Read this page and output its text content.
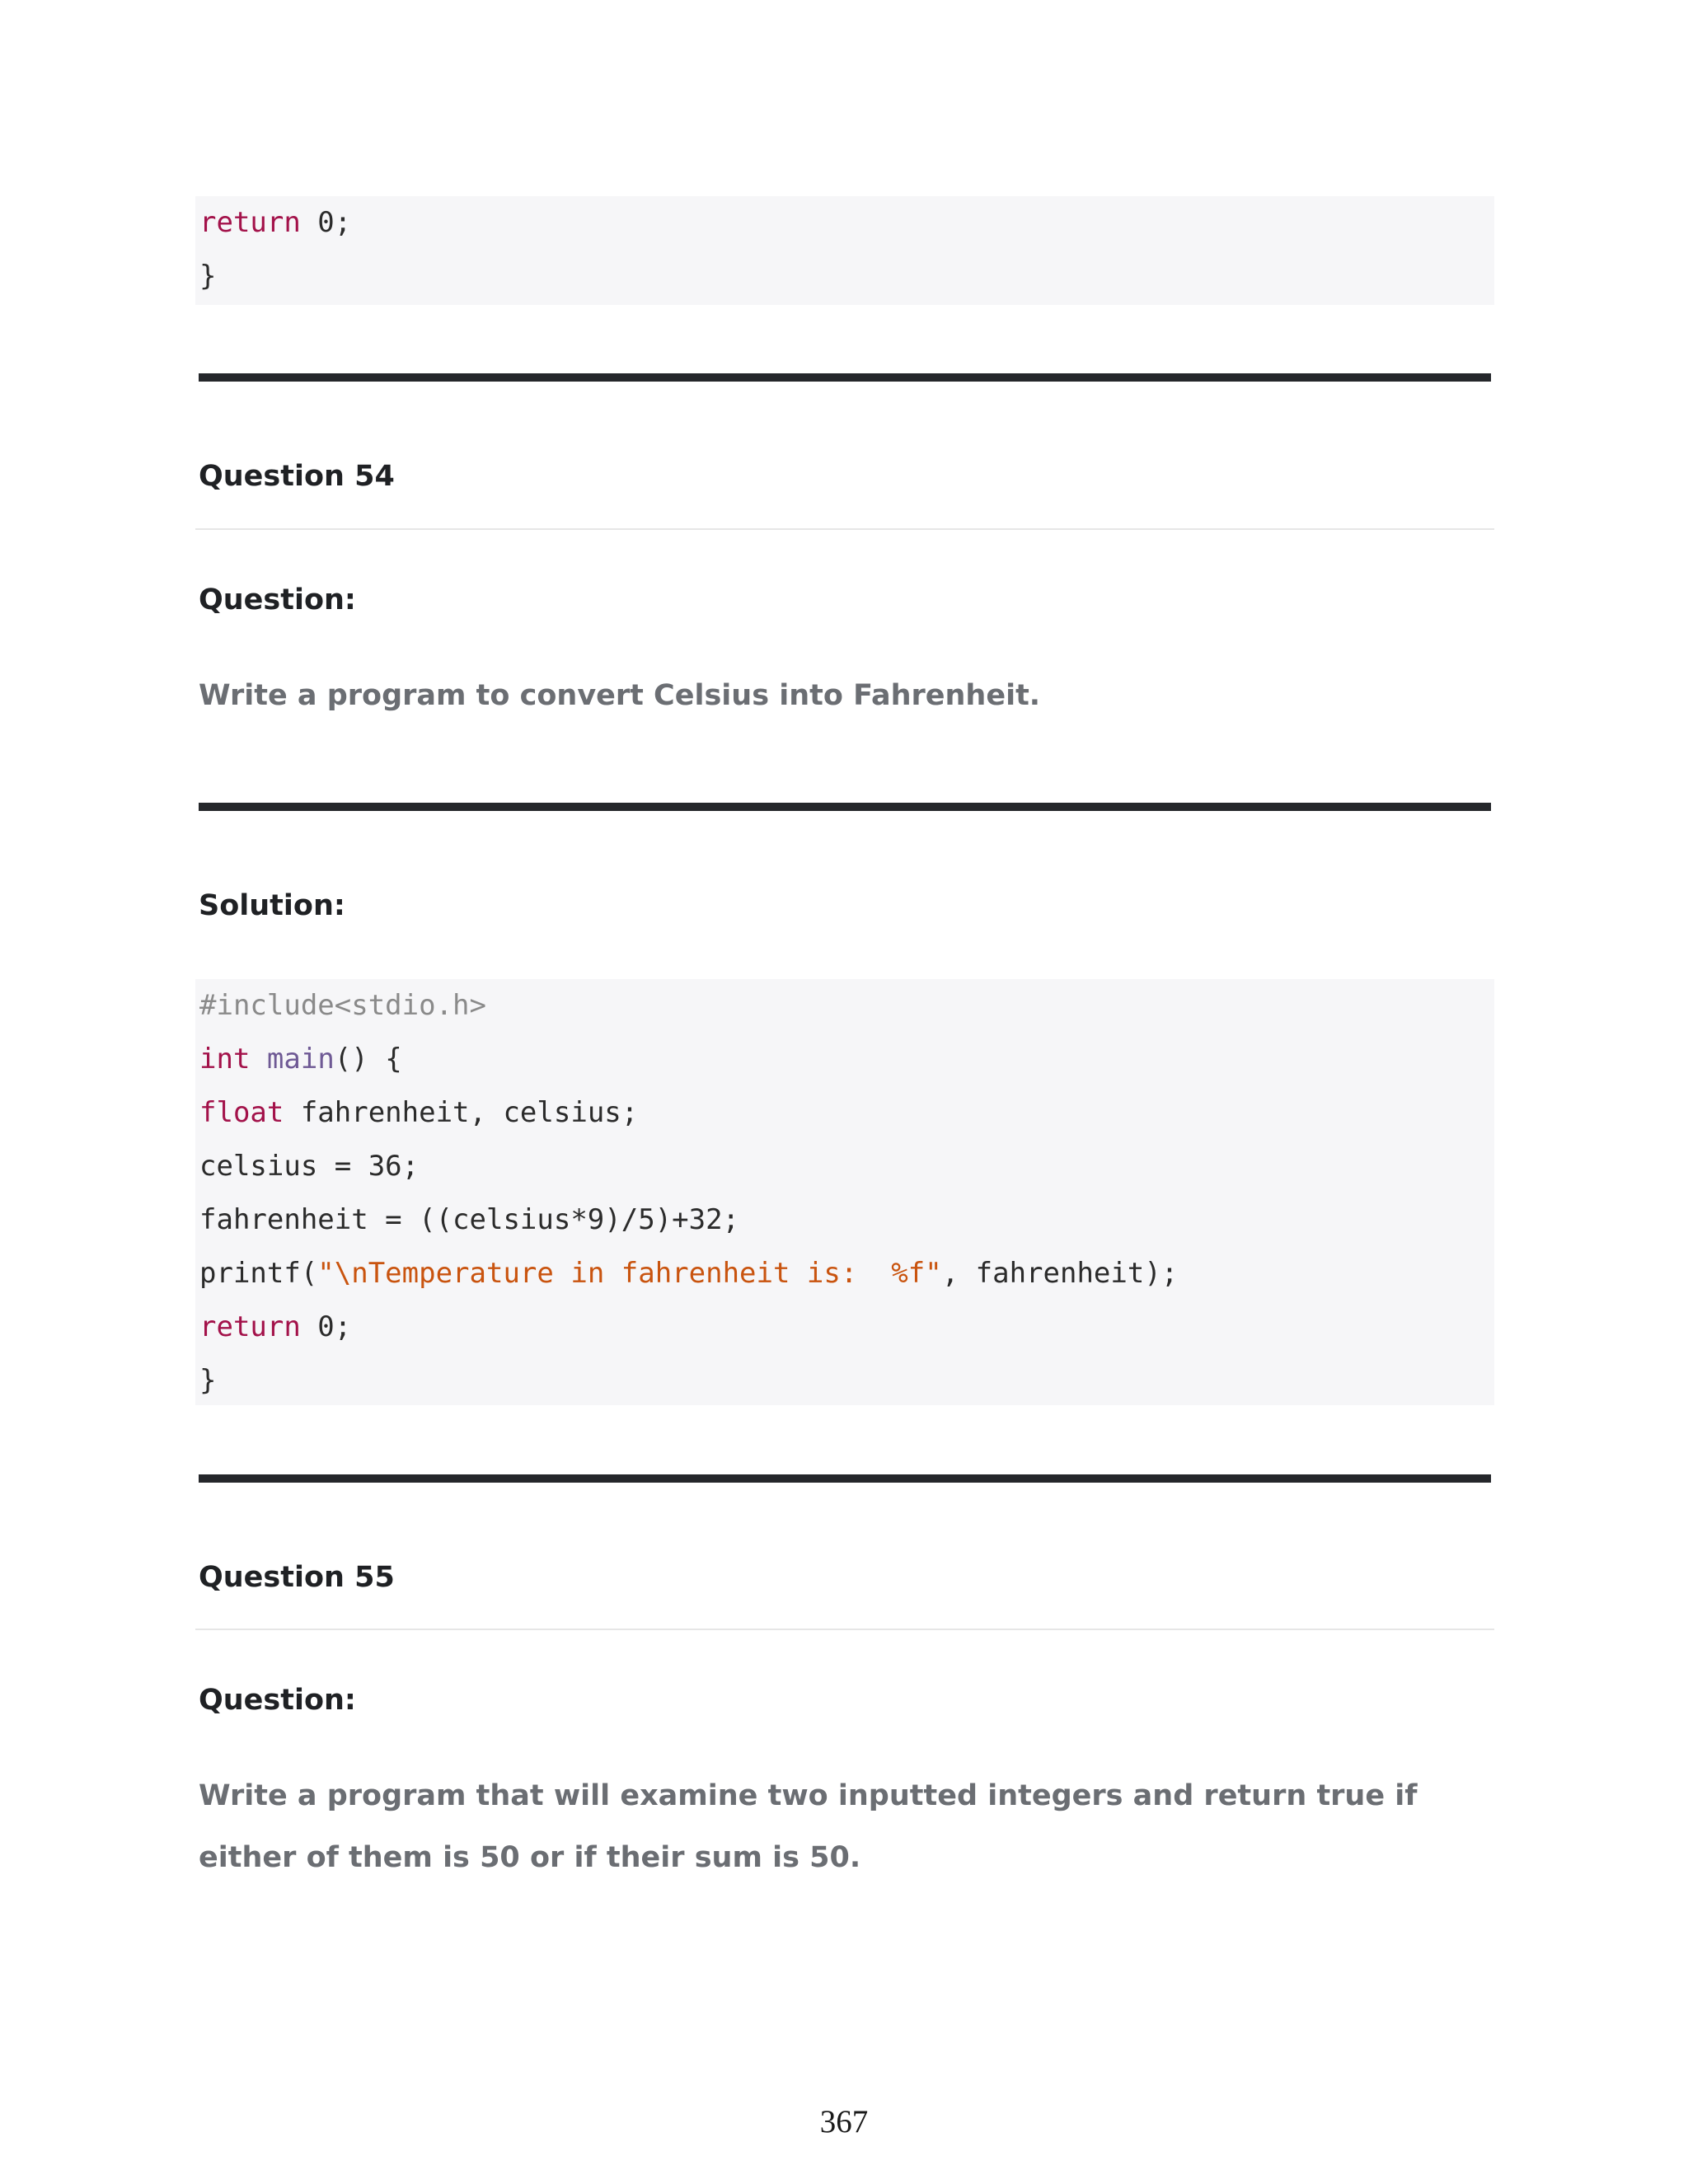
return 0;
}
Question 54
Question:

Write a program to convert Celsius into Fahrenheit.

Solution:
#include<stdio.h>
int main() {
float fahrenheit, celsius;
celsius = 36;
fahrenheit = ((celsius*9)/5)+32;
printf("\nTemperature in fahrenheit is:  %f", fahrenheit);
return 0;
}
Question 55
Question:

Write a program that will examine two inputted integers and return true if either of them is 50 or if their sum is 50.

367
